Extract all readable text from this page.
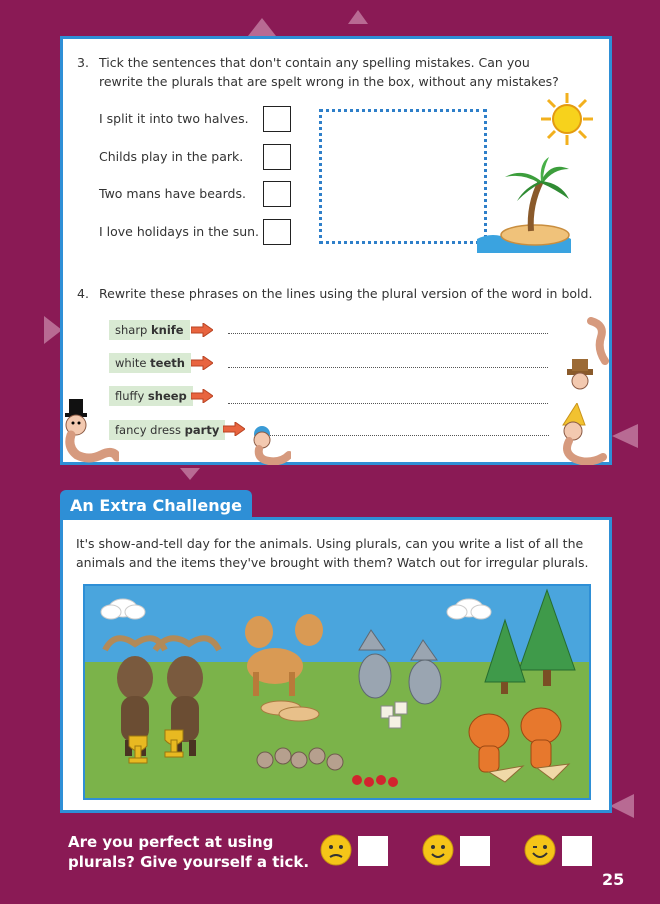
3. Tick the sentences that don't contain any spelling mistakes. Can you
rewrite the plurals that are spelt wrong in the box, without any mistakes?
I split it into two halves.
Childs play in the park.
Two mans have beards.
I love holidays in the sun.
4. Rewrite these phrases on the lines using the plural version of the word in bold.
sharp knife
white teeth
fluffy sheep
fancy dress party
An Extra Challenge
It's show-and-tell day for the animals. Using plurals, can you write a list of all the
animals and the items they've brought with them? Watch out for irregular plurals.
Are you perfect at using
plurals? Give yourself a tick.
25
